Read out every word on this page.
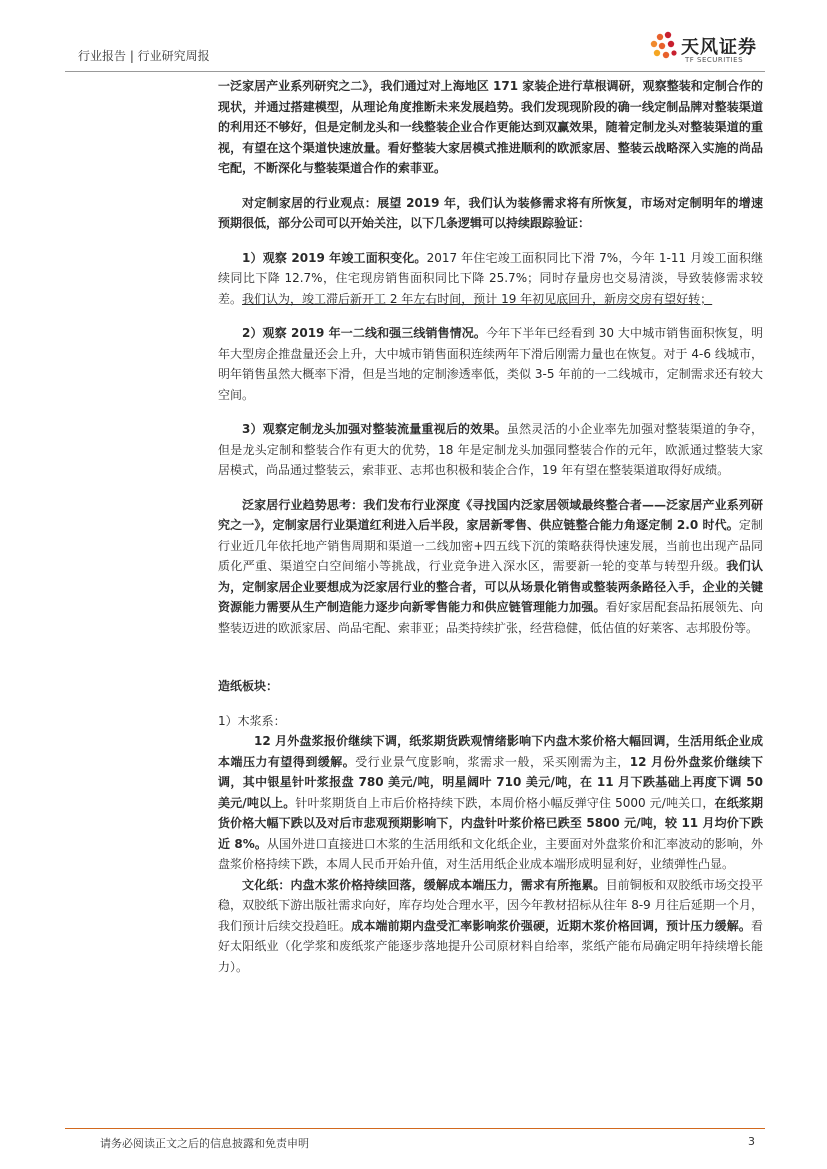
行业报告 | 行业研究周报	天风证券
TF SECURITIES

一泛家居产业系列研究之二》，我们通过对上海地区 171 家装企进行草根调研，观察整装和定制合作的现状，并通过搭建模型，从理论角度推断未来发展趋势。我们发现现阶段的确一线定制品牌对整装渠道的利用还不够好，但是定制龙头和一线整装企业合作更能达到双赢效果，随着定制龙头对整装渠道的重视，有望在这个渠道快速放量。看好整装大家居模式推进顺利的欧派家居、整装云战略深入实施的尚品宅配，不断深化与整装渠道合作的索菲亚。

对定制家居的行业观点：展望 2019 年，我们认为装修需求将有所恢复，市场对定制明年的增速预期很低，部分公司可以开始关注，以下几条逻辑可以持续跟踪验证：

1）观察 2019 年竣工面积变化。2017 年住宅竣工面积同比下滑 7%，今年 1-11 月竣工面积继续同比下降 12.7%，住宅现房销售面积同比下降 25.7%；同时存量房也交易清淡，导致装修需求较差。我们认为，竣工滞后新开工 2 年左右时间，预计 19 年初见底回升，新房交房有望好转；

2）观察 2019 年一二线和强三线销售情况。今年下半年已经看到 30 大中城市销售面积恢复，明年大型房企推盘量还会上升，大中城市销售面积连续两年下滑后刚需力量也在恢复。对于 4-6 线城市，明年销售虽然大概率下滑，但是当地的定制渗透率低，类似 3-5 年前的一二线城市，定制需求还有较大空间。

3）观察定制龙头加强对整装流量重视后的效果。虽然灵活的小企业率先加强对整装渠道的争夺，但是龙头定制和整装合作有更大的优势，18 年是定制龙头加强同整装合作的元年，欧派通过整装大家居模式，尚品通过整装云，索菲亚、志邦也积极和装企合作，19 年有望在整装渠道取得好成绩。

泛家居行业趋势思考：我们发布行业深度《寻找国内泛家居领域最终整合者——泛家居产业系列研究之一》，定制家居行业渠道红利进入后半段，家居新零售、供应链整合能力角逐定制 2.0 时代。定制行业近几年依托地产销售周期和渠道一二线加密+四五线下沉的策略获得快速发展，当前也出现产品同质化严重、渠道空白空间缩小等挑战，行业竞争进入深水区，需要新一轮的变革与转型升级。我们认为，定制家居企业要想成为泛家居行业的整合者，可以从场景化销售或整装两条路径入手，企业的关键资源能力需要从生产制造能力逐步向新零售能力和供应链管理能力加强。看好家居配套品拓展领先、向整装迈进的欧派家居、尚品宅配、索菲亚；品类持续扩张，经营稳健，低估值的好莱客、志邦股份等。

造纸板块：

1）木浆系：

12 月外盘浆报价继续下调，纸浆期货跌观情绪影响下内盘木浆价格大幅回调，生活用纸企业成本端压力有望得到缓解。受行业景气度影响，浆需求一般，采买刚需为主，12 月份外盘浆价继续下调，其中银星针叶浆报盘 780 美元/吨，明星阔叶 710 美元/吨，在 11 月下跌基础上再度下调 50 美元/吨以上。针叶浆期货自上市后价格持续下跌，本周价格小幅反弹守住 5000 元/吨关口，在纸浆期货价格大幅下跌以及对后市悲观预期影响下，内盘针叶浆价格已跌至 5800 元/吨，较 11 月均价下跌近 8%。从国外进口直接进口木浆的生活用纸和文化纸企业，主要面对外盘浆价和汇率波动的影响，外盘浆价格持续下跌，本周人民币开始升值，对生活用纸企业成本端形成明显利好，业绩弹性凸显。

文化纸：内盘木浆价格持续回落，缓解成本端压力，需求有所拖累。目前铜板和双胶纸市场交投平稳，双胶纸下游出版社需求向好，库存均处合理水平，因今年教材招标从往年 8-9 月往后延期一个月，我们预计后续交投趋旺。成本端前期内盘受汇率影响浆价强硬，近期木浆价格回调，预计压力缓解。看好太阳纸业（化学浆和废纸浆产能逐步落地提升公司原材料自给率，浆纸产能布局确定明年持续增长能力）。

请务必阅读正文之后的信息披露和免责申明	3
